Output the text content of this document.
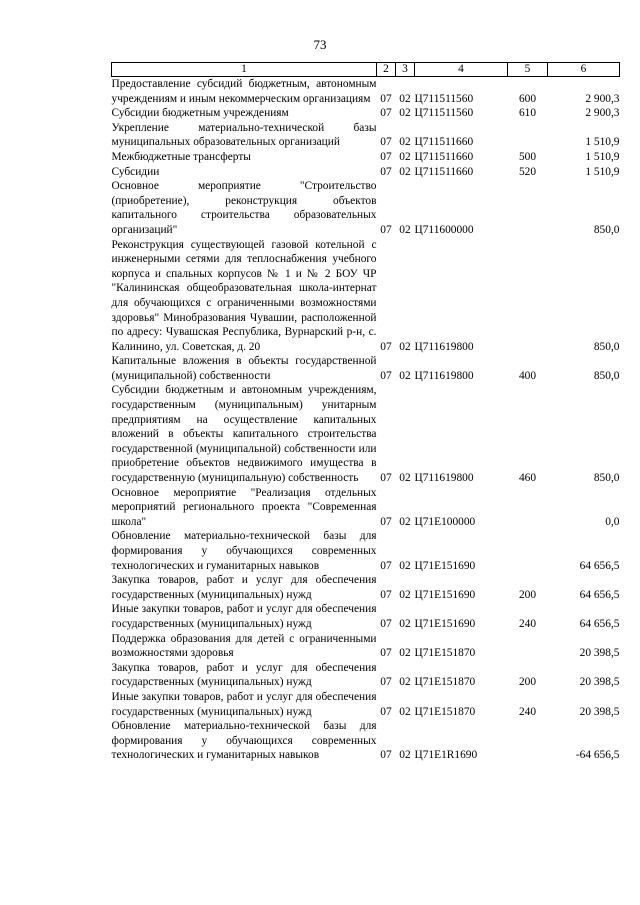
73
1	2	3	4	5	6
Предоставление субсидий бюджетным, автономным учреждениям и иным некоммерческим организациям	07	02	Ц711511560	600	2 900,3
Субсидии бюджетным учреждениям	07	02	Ц711511560	610	2 900,3
Укрепление материально-технической базы муниципальных образовательных организаций	07	02	Ц711511660		1 510,9
Межбюджетные трансферты	07	02	Ц711511660	500	1 510,9
Субсидии	07	02	Ц711511660	520	1 510,9
Основное мероприятие "Строительство (приобретение), реконструкция объектов капитального строительства образовательных организаций"	07	02	Ц711600000		850,0
Реконструкция существующей газовой котельной с инженерными сетями для теплоснабжения учебного корпуса и спальных корпусов № 1 и № 2 БОУ ЧР "Калининская общеобразовательная школа-интернат для обучающихся с ограниченными возможностями здоровья" Минобразования Чувашии, расположенной по адресу: Чувашская Республика, Вурнарский р-н, с. Калинино, ул. Советская, д. 20	07	02	Ц711619800		850,0
Капитальные вложения в объекты государственной (муниципальной) собственности	07	02	Ц711619800	400	850,0
Субсидии бюджетным и автономным учреждениям, государственным (муниципальным) унитарным предприятиям на осуществление капитальных вложений в объекты капитального строительства государственной (муниципальной) собственности или приобретение объектов недвижимого имущества в государственную (муниципальную) собственность	07	02	Ц711619800	460	850,0
Основное мероприятие "Реализация отдельных мероприятий регионального проекта "Современная школа"	07	02	Ц71Е100000		0,0
Обновление материально-технической базы для формирования у обучающихся современных технологических и гуманитарных навыков	07	02	Ц71Е151690		64 656,5
Закупка товаров, работ и услуг для обеспечения государственных (муниципальных) нужд	07	02	Ц71Е151690	200	64 656,5
Иные закупки товаров, работ и услуг для обеспечения государственных (муниципальных) нужд	07	02	Ц71Е151690	240	64 656,5
Поддержка образования для детей с ограниченными возможностями здоровья	07	02	Ц71Е151870		20 398,5
Закупка товаров, работ и услуг для обеспечения государственных (муниципальных) нужд	07	02	Ц71Е151870	200	20 398,5
Иные закупки товаров, работ и услуг для обеспечения государственных (муниципальных) нужд	07	02	Ц71Е151870	240	20 398,5
Обновление материально-технической базы для формирования у обучающихся современных технологических и гуманитарных навыков	07	02	Ц71Е1R1690		-64 656,5
